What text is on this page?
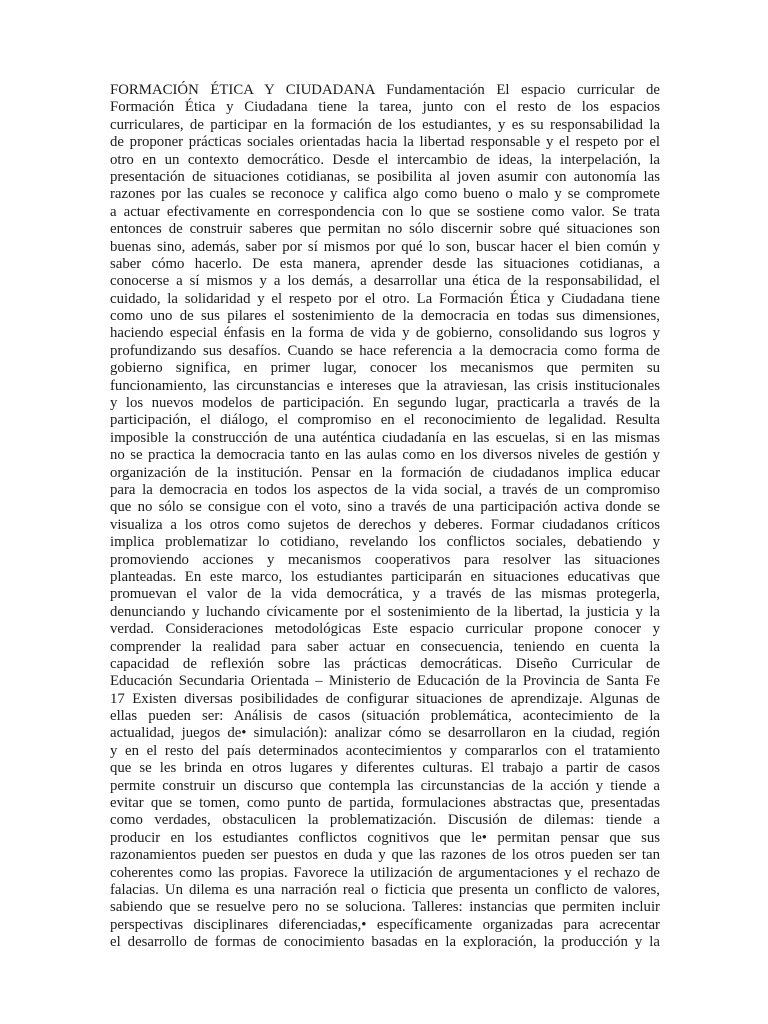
FORMACIÓN ÉTICA Y CIUDADANA Fundamentación El espacio curricular de
Formación Ética y Ciudadana tiene la tarea, junto con el resto de los espacios
curriculares, de participar en la formación de los estudiantes, y es su responsabilidad la
de proponer prácticas sociales orientadas hacia la libertad responsable y el respeto por el
otro en un contexto democrático. Desde el intercambio de ideas, la interpelación, la
presentación de situaciones cotidianas, se posibilita al joven asumir con autonomía las
razones por las cuales se reconoce y califica algo como bueno o malo y se compromete
a actuar efectivamente en correspondencia con lo que se sostiene como valor. Se trata
entonces de construir saberes que permitan no sólo discernir sobre qué situaciones son
buenas sino, además, saber por sí mismos por qué lo son, buscar hacer el bien común y
saber cómo hacerlo. De esta manera, aprender desde las situaciones cotidianas, a
conocerse a sí mismos y a los demás, a desarrollar una ética de la responsabilidad, el
cuidado, la solidaridad y el respeto por el otro. La Formación Ética y Ciudadana tiene
como uno de sus pilares el sostenimiento de la democracia en todas sus dimensiones,
haciendo especial énfasis en la forma de vida y de gobierno, consolidando sus logros y
profundizando sus desafíos. Cuando se hace referencia a la democracia como forma de
gobierno significa, en primer lugar, conocer los mecanismos que permiten su
funcionamiento, las circunstancias e intereses que la atraviesan, las crisis institucionales
y los nuevos modelos de participación. En segundo lugar, practicarla a través de la
participación, el diálogo, el compromiso en el reconocimiento de legalidad. Resulta
imposible la construcción de una auténtica ciudadanía en las escuelas, si en las mismas
no se practica la democracia tanto en las aulas como en los diversos niveles de gestión y
organización de la institución. Pensar en la formación de ciudadanos implica educar
para la democracia en todos los aspectos de la vida social, a través de un compromiso
que no sólo se consigue con el voto, sino a través de una participación activa donde se
visualiza a los otros como sujetos de derechos y deberes. Formar ciudadanos críticos
implica problematizar lo cotidiano, revelando los conflictos sociales, debatiendo y
promoviendo acciones y mecanismos cooperativos para resolver las situaciones
planteadas. En este marco, los estudiantes participarán en situaciones educativas que
promuevan el valor de la vida democrática, y a través de las mismas protegerla,
denunciando y luchando cívicamente por el sostenimiento de la libertad, la justicia y la
verdad. Consideraciones metodológicas Este espacio curricular propone conocer y
comprender la realidad para saber actuar en consecuencia, teniendo en cuenta la
capacidad de reflexión sobre las prácticas democráticas. Diseño Curricular de
Educación Secundaria Orientada – Ministerio de Educación de la Provincia de Santa Fe
17 Existen diversas posibilidades de configurar situaciones de aprendizaje. Algunas de
ellas pueden ser: Análisis de casos (situación problemática, acontecimiento de la
actualidad, juegos de• simulación): analizar cómo se desarrollaron en la ciudad, región
y en el resto del país determinados acontecimientos y compararlos con el tratamiento
que se les brinda en otros lugares y diferentes culturas. El trabajo a partir de casos
permite construir un discurso que contempla las circunstancias de la acción y tiende a
evitar que se tomen, como punto de partida, formulaciones abstractas que, presentadas
como verdades, obstaculicen la problematización. Discusión de dilemas: tiende a
producir en los estudiantes conflictos cognitivos que le• permitan pensar que sus
razonamientos pueden ser puestos en duda y que las razones de los otros pueden ser tan
coherentes como las propias. Favorece la utilización de argumentaciones y el rechazo de
falacias. Un dilema es una narración real o ficticia que presenta un conflicto de valores,
sabiendo que se resuelve pero no se soluciona. Talleres: instancias que permiten incluir
perspectivas disciplinares diferenciadas,• específicamente organizadas para acrecentar
el desarrollo de formas de conocimiento basadas en la exploración, la producción y la
